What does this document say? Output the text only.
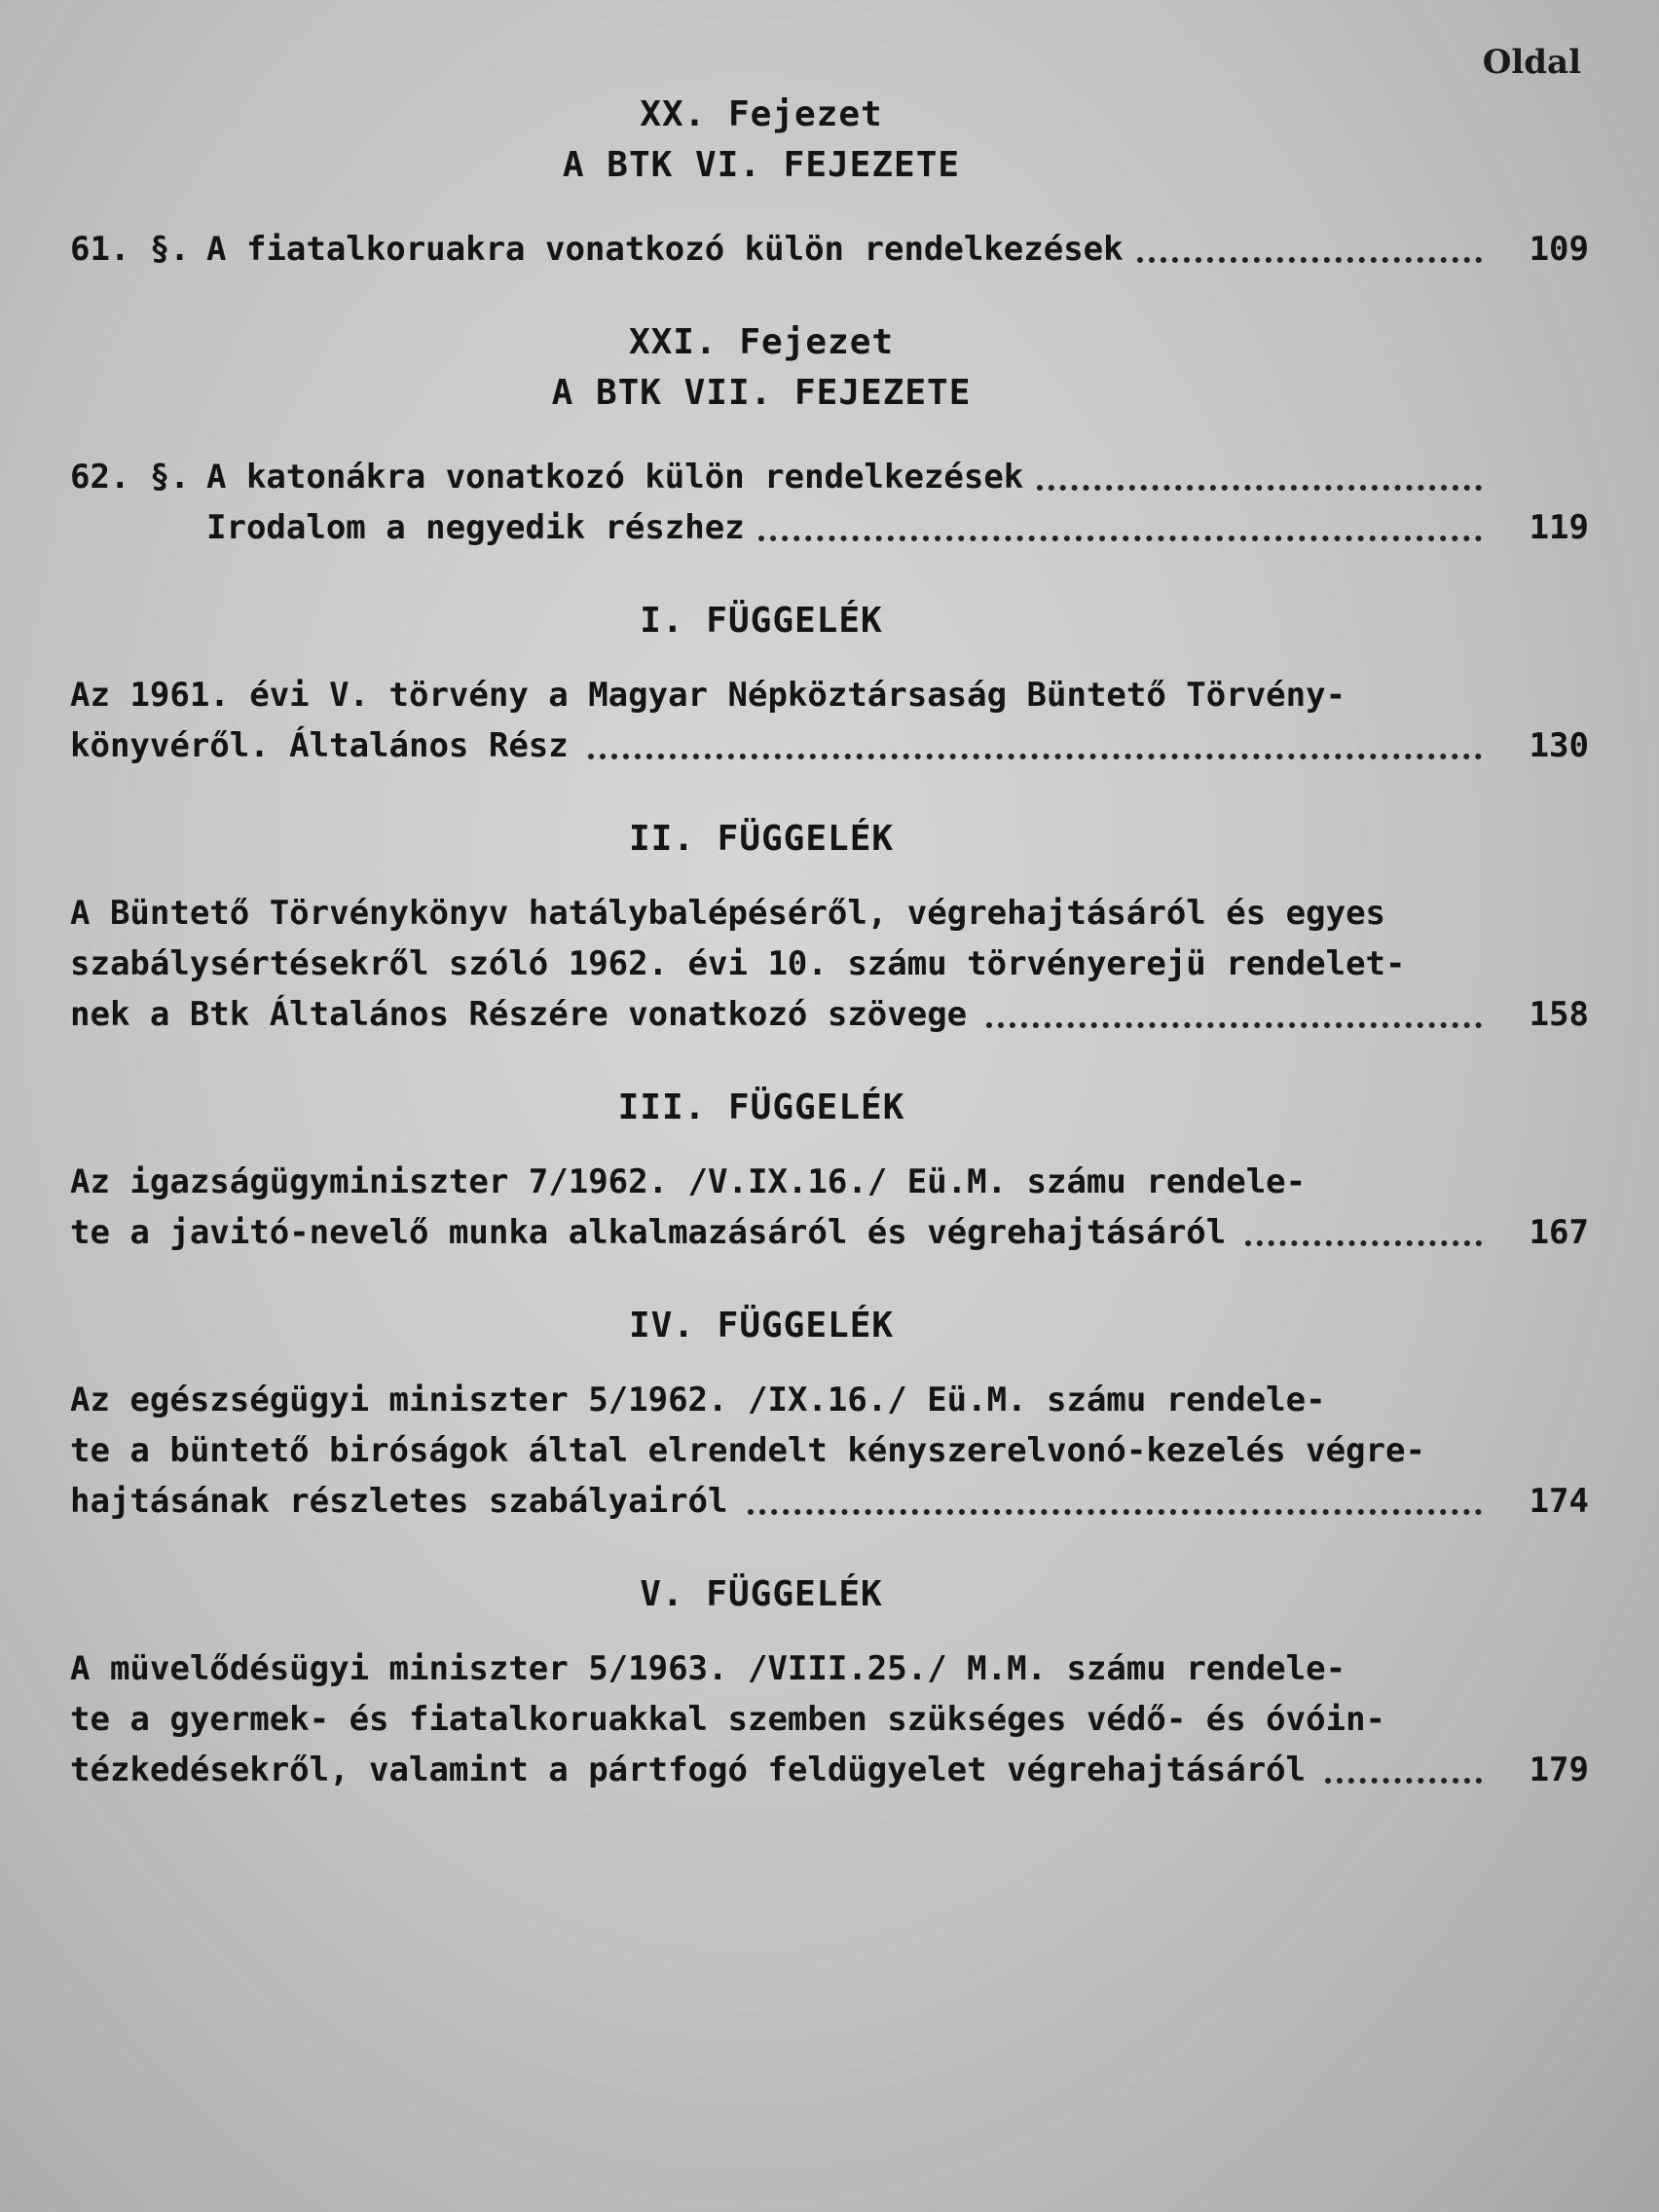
Oldal
XX. Fejezet
A BTK VI. FEJEZETE
61. §. A fiatalkoruakra vonatkozó külön rendelkezések	109
XXI. Fejezet
A BTK VII. FEJEZETE
62. §. A katonákra vonatkozó külön rendelkezések
Irodalom a negyedik részhez	119
I. FÜGGELÉK
Az 1961. évi V. törvény a Magyar Népköztársaság Büntető Törvény-
könyvéről. Általános Rész	130
II. FÜGGELÉK
A Büntető Törvénykönyv hatálybalépéséről, végrehajtásáról és egyes
szabálysértésekről szóló 1962. évi 10. számu törvényerejü rendelet-
nek a Btk Általános Részére vonatkozó szövege	158
III. FÜGGELÉK
Az igazságügyminiszter 7/1962. /V.IX.16./ Eü.M. számu rendele-
te a javitó-nevelő munka alkalmazásáról és végrehajtásáról	167
IV. FÜGGELÉK
Az egészségügyi miniszter 5/1962. /IX.16./ Eü.M. számu rendele-
te a büntető biróságok által elrendelt kényszerelvonó-kezelés végre-
hajtásának részletes szabályairól	174
V. FÜGGELÉK
A müvelődésügyi miniszter 5/1963. /VIII.25./ M.M. számu rendele-
te a gyermek- és fiatalkoruakkal szemben szükséges védő- és óvóin-
tézkedésekről, valamint a pártfogó feldügyelet végrehajtásáról	179
